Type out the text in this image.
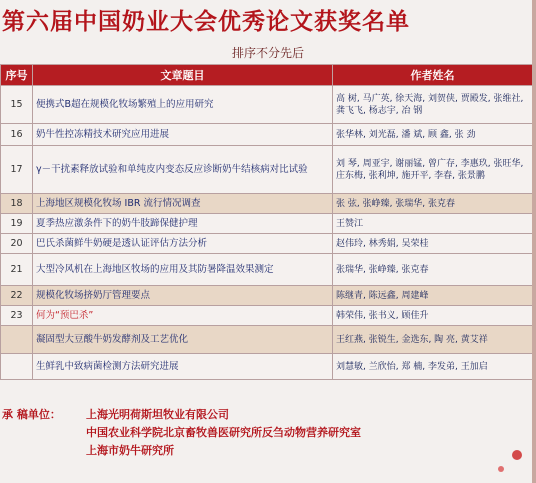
第六届中国奶业大会优秀论文获奖名单
排序不分先后
序号	文章题目	作者姓名
15	便携式B超在规模化牧场繁殖上的应用研究	高 树, 马广英, 徐天海, 刘贺侠, 贾殿发, 张维社, 龚飞飞, 杨志宇, 冶 钢
16	奶牛性控冻精技术研究应用进展	张华林, 刘光磊, 潘 斌, 顾 鑫, 张 劲
17	γ－干扰素释放试验和单纯皮内变态反应诊断奶牛结核病对比试验	刘 琴, 周亚宇, 谢丽锰, 曾广存, 李惠玖, 张旺华, 庄东梅, 张利坤, 施开平, 李春, 张景鹏
18	上海地区规模化牧场 IBR 流行情况调查	张 弦, 张峥臻, 张瑞华, 张克春
19	夏季热应激条件下的奶牛肢蹄保健护理	王赞江
20	巴氏杀菌鲜牛奶硬是透认证评估方法分析	赵伟玲, 林秀娟, 吴荣桂
21	大型冷风机在上海地区牧场的应用及其防暑降温效果测定	张瑞华, 张峥臻, 张克春
22	规模化牧场挤奶厅管理要点	陈继青, 陈远鑫, 周建峰
23	何为“预巴杀”	韩荣伟, 张书义, 顾佳升
	凝固型大豆酸牛奶发酵剂及工艺优化	王红燕, 张锐生, 金选东, 陶 亮, 黄艾祥
	生鲜乳中致病菌检测方法研究进展	刘慧敏, 兰欣怡, 郑 楠, 李发弟, 王加启
承 稿单位： 上海光明荷斯坦牧业有限公司
中国农业科学院北京畜牧兽医研究所反刍动物营养研究室
上海市奶牛研究所
